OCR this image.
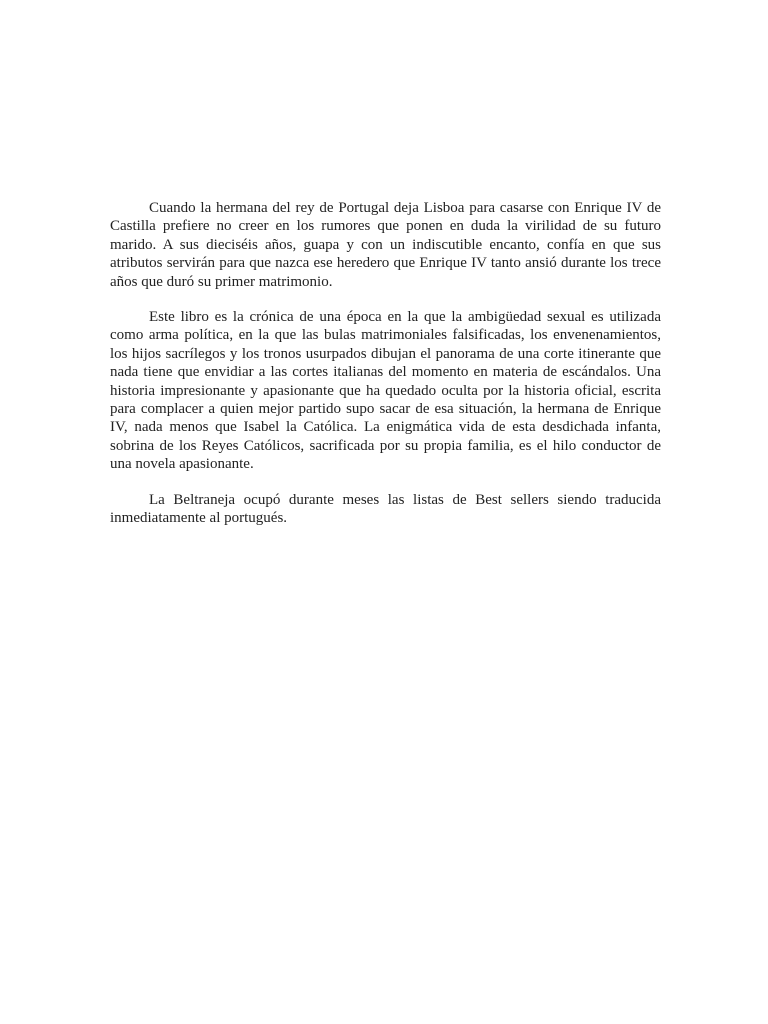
Cuando la hermana del rey de Portugal deja Lisboa para casarse con Enrique IV de Castilla prefiere no creer en los rumores que ponen en duda la virilidad de su futuro marido. A sus dieciséis años, guapa y con un indiscutible encanto, confía en que sus atributos servirán para que nazca ese heredero que Enrique IV tanto ansió durante los trece años que duró su primer matrimonio.

Este libro es la crónica de una época en la que la ambigüedad sexual es utilizada como arma política, en la que las bulas matrimoniales falsificadas, los envenenamientos, los hijos sacrílegos y los tronos usurpados dibujan el panorama de una corte itinerante que nada tiene que envidiar a las cortes italianas del momento en materia de escándalos. Una historia impresionante y apasionante que ha quedado oculta por la historia oficial, escrita para complacer a quien mejor partido supo sacar de esa situación, la hermana de Enrique IV, nada menos que Isabel la Católica. La enigmática vida de esta desdichada infanta, sobrina de los Reyes Católicos, sacrificada por su propia familia, es el hilo conductor de una novela apasionante.

La Beltraneja ocupó durante meses las listas de Best sellers siendo traducida inmediatamente al portugués.
